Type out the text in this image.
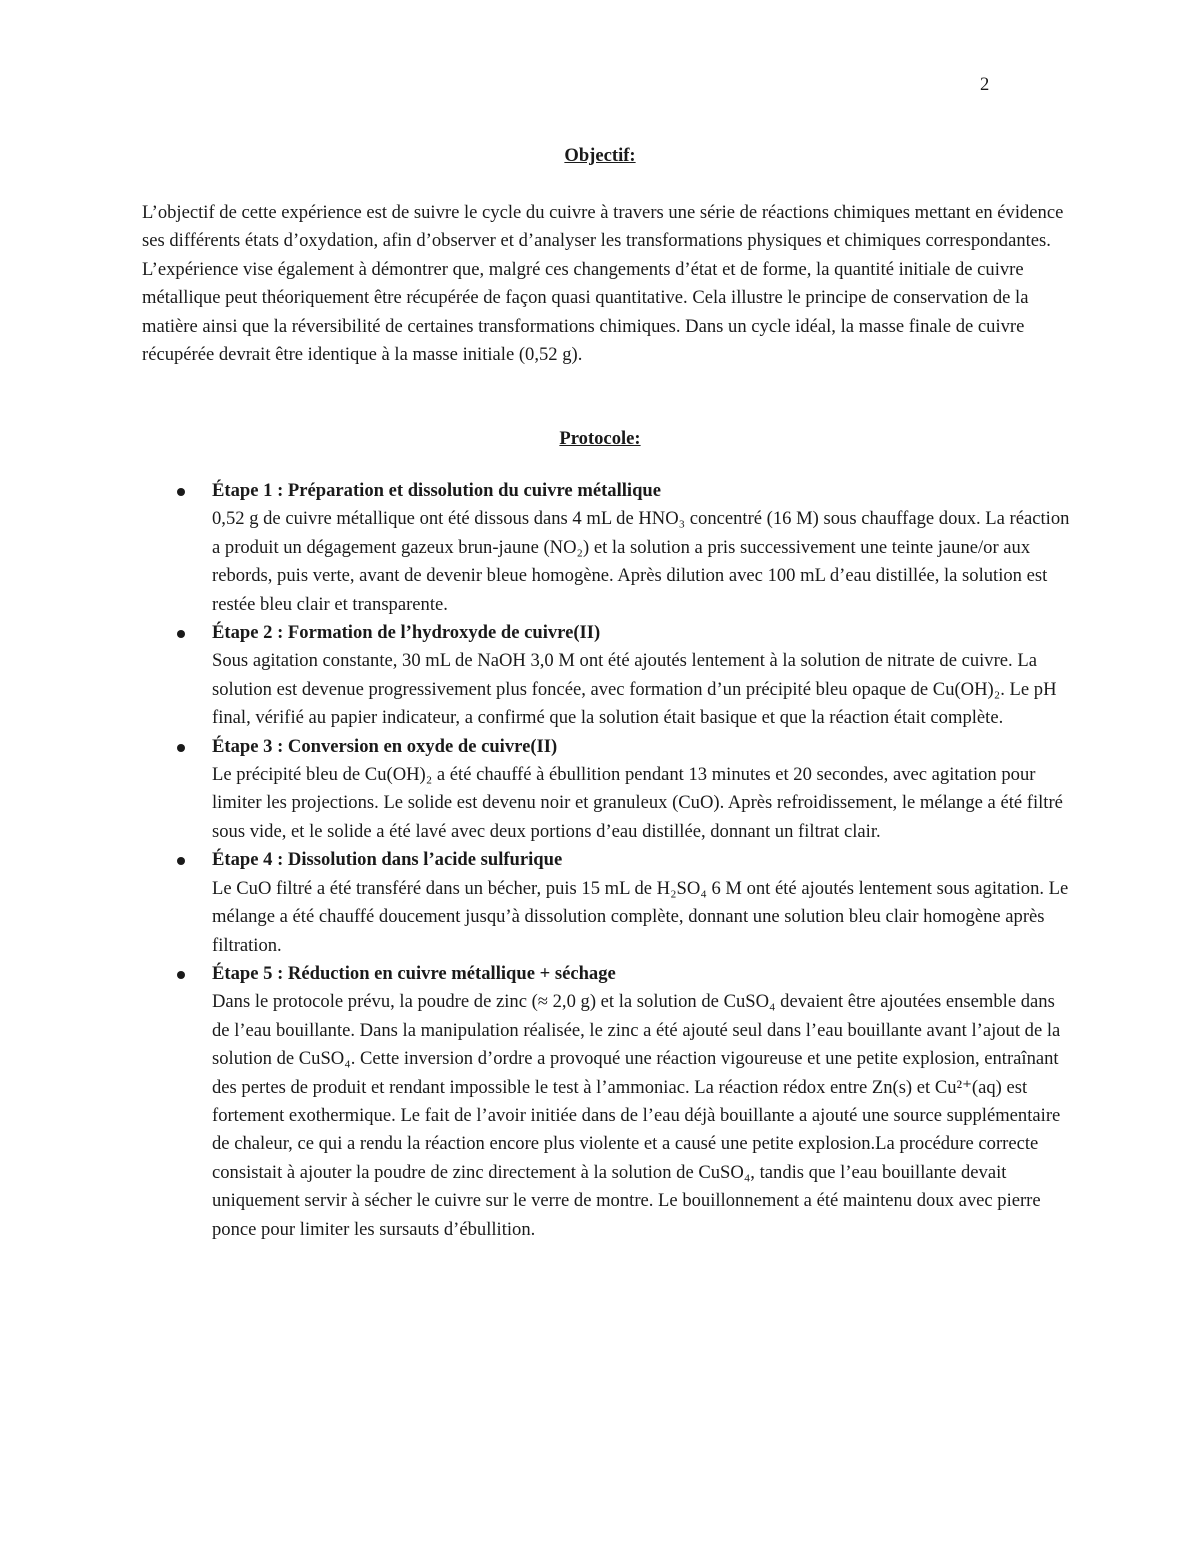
2
Objectif:

L’objectif de cette expérience est de suivre le cycle du cuivre à travers une série de réactions chimiques mettant en évidence ses différents états d’oxydation, afin d’observer et d’analyser les transformations physiques et chimiques correspondantes. L’expérience vise également à démontrer que, malgré ces changements d’état et de forme, la quantité initiale de cuivre métallique peut théoriquement être récupérée de façon quasi quantitative. Cela illustre le principe de conservation de la matière ainsi que la réversibilité de certaines transformations chimiques. Dans un cycle idéal, la masse finale de cuivre récupérée devrait être identique à la masse initiale (0,52 g).

Protocole:
Étape 1 : Préparation et dissolution du cuivre métallique
0,52 g de cuivre métallique ont été dissous dans 4 mL de HNO₃ concentré (16 M) sous chauffage doux. La réaction a produit un dégagement gazeux brun-jaune (NO₂) et la solution a pris successivement une teinte jaune/or aux rebords, puis verte, avant de devenir bleue homogène. Après dilution avec 100 mL d’eau distillée, la solution est restée bleu clair et transparente.
Étape 2 : Formation de l’hydroxyde de cuivre(II)
Sous agitation constante, 30 mL de NaOH 3,0 M ont été ajoutés lentement à la solution de nitrate de cuivre. La solution est devenue progressivement plus foncée, avec formation d’un précipité bleu opaque de Cu(OH)₂. Le pH final, vérifié au papier indicateur, a confirmé que la solution était basique et que la réaction était complète.
Étape 3 : Conversion en oxyde de cuivre(II)
Le précipité bleu de Cu(OH)₂ a été chauffé à ébullition pendant 13 minutes et 20 secondes, avec agitation pour limiter les projections. Le solide est devenu noir et granuleux (CuO). Après refroidissement, le mélange a été filtré sous vide, et le solide a été lavé avec deux portions d’eau distillée, donnant un filtrat clair.
Étape 4 : Dissolution dans l’acide sulfurique
Le CuO filtré a été transféré dans un bécher, puis 15 mL de H₂SO₄ 6 M ont été ajoutés lentement sous agitation. Le mélange a été chauffé doucement jusqu’à dissolution complète, donnant une solution bleu clair homogène après filtration.
Étape 5 : Réduction en cuivre métallique + séchage
Dans le protocole prévu, la poudre de zinc (≈ 2,0 g) et la solution de CuSO₄ devaient être ajoutées ensemble dans de l’eau bouillante. Dans la manipulation réalisée, le zinc a été ajouté seul dans l’eau bouillante avant l’ajout de la solution de CuSO₄. Cette inversion d’ordre a provoqué une réaction vigoureuse et une petite explosion, entraînant des pertes de produit et rendant impossible le test à l’ammoniac. La réaction rédox entre Zn(s) et Cu²⁺(aq) est fortement exothermique. Le fait de l’avoir initiée dans de l’eau déjà bouillante a ajouté une source supplémentaire de chaleur, ce qui a rendu la réaction encore plus violente et a causé une petite explosion.La procédure correcte consistait à ajouter la poudre de zinc directement à la solution de CuSO₄, tandis que l’eau bouillante devait uniquement servir à sécher le cuivre sur le verre de montre. Le bouillonnement a été maintenu doux avec pierre ponce pour limiter les sursauts d’ébullition.
